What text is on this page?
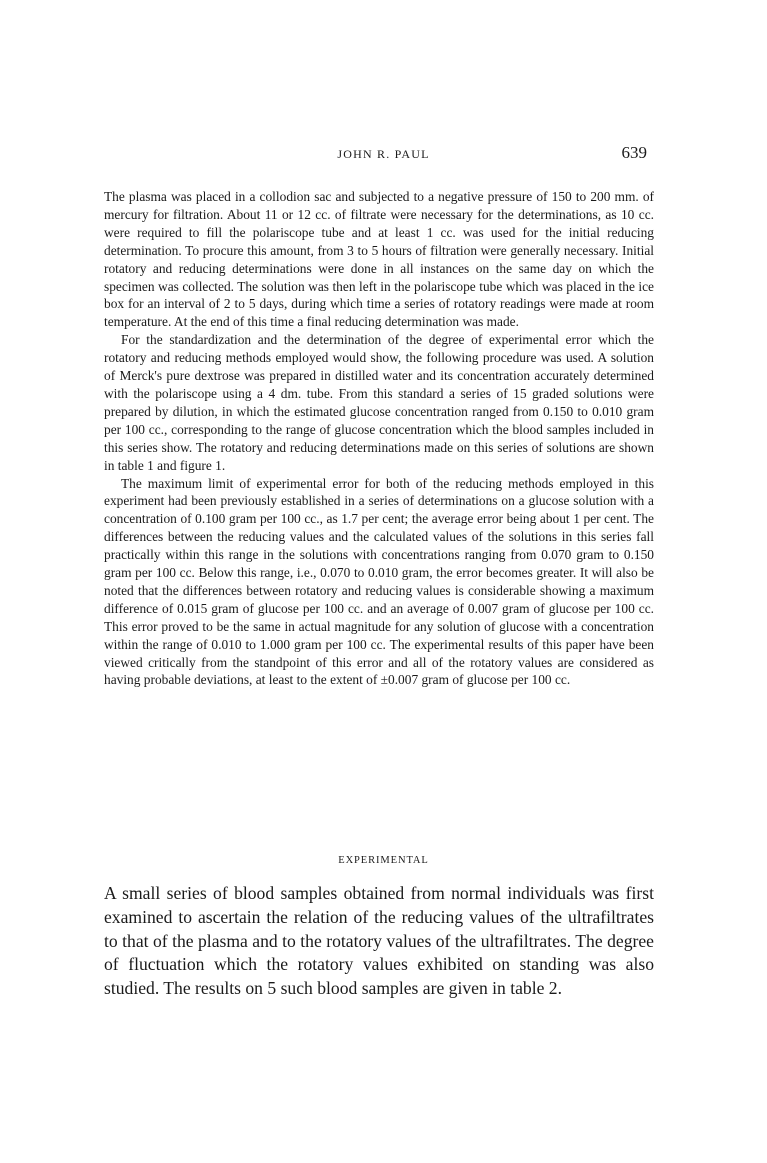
JOHN R. PAUL	639

The plasma was placed in a collodion sac and subjected to a negative pressure of 150 to 200 mm. of mercury for filtration. About 11 or 12 cc. of filtrate were necessary for the determinations, as 10 cc. were required to fill the polariscope tube and at least 1 cc. was used for the initial reducing determination. To procure this amount, from 3 to 5 hours of filtration were generally necessary. Initial rotatory and reducing determinations were done in all instances on the same day on which the specimen was collected. The solution was then left in the polariscope tube which was placed in the ice box for an interval of 2 to 5 days, during which time a series of rotatory readings were made at room temperature. At the end of this time a final reducing determination was made.

For the standardization and the determination of the degree of experimental error which the rotatory and reducing methods employed would show, the following procedure was used. A solution of Merck's pure dextrose was prepared in distilled water and its concentration accurately determined with the polariscope using a 4 dm. tube. From this standard a series of 15 graded solutions were prepared by dilution, in which the estimated glucose concentration ranged from 0.150 to 0.010 gram per 100 cc., corresponding to the range of glucose concentration which the blood samples included in this series show. The rotatory and reducing determinations made on this series of solutions are shown in table 1 and figure 1.

The maximum limit of experimental error for both of the reducing methods employed in this experiment had been previously established in a series of determinations on a glucose solution with a concentration of 0.100 gram per 100 cc., as 1.7 per cent; the average error being about 1 per cent. The differences between the reducing values and the calculated values of the solutions in this series fall practically within this range in the solutions with concentrations ranging from 0.070 gram to 0.150 gram per 100 cc. Below this range, i.e., 0.070 to 0.010 gram, the error becomes greater. It will also be noted that the differences between rotatory and reducing values is considerable showing a maximum difference of 0.015 gram of glucose per 100 cc. and an average of 0.007 gram of glucose per 100 cc. This error proved to be the same in actual magnitude for any solution of glucose with a concentration within the range of 0.010 to 1.000 gram per 100 cc. The experimental results of this paper have been viewed critically from the standpoint of this error and all of the rotatory values are considered as having probable deviations, at least to the extent of ±0.007 gram of glucose per 100 cc.

EXPERIMENTAL

A small series of blood samples obtained from normal individuals was first examined to ascertain the relation of the reducing values of the ultrafiltrates to that of the plasma and to the rotatory values of the ultrafiltrates. The degree of fluctuation which the rotatory values exhibited on standing was also studied. The results on 5 such blood samples are given in table 2.
